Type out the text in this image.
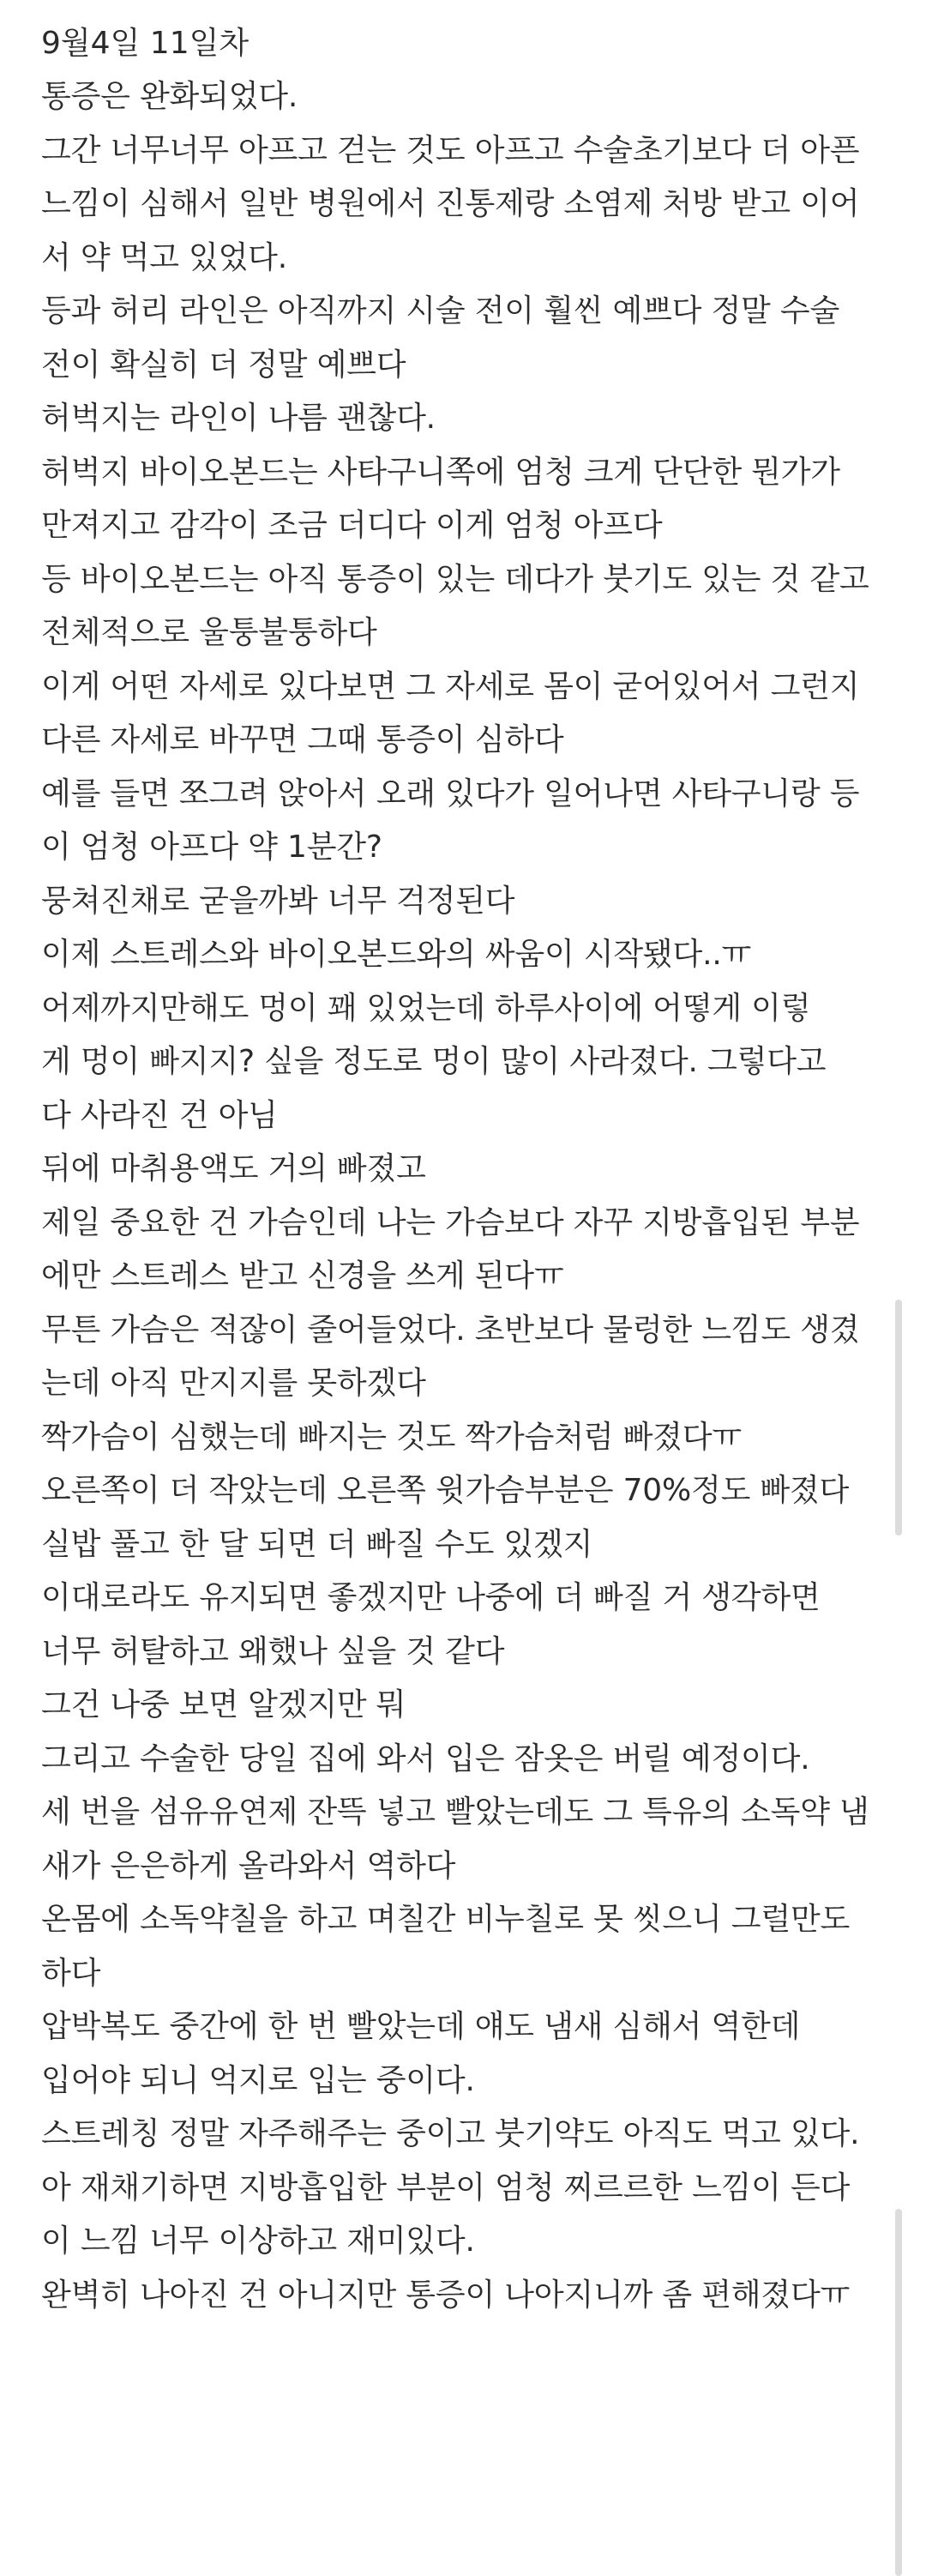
9월4일 11일차

통증은 완화되었다.

그간 너무너무 아프고 걷는 것도 아프고 수술초기보다 더 아픈

느낌이 심해서 일반 병원에서 진통제랑 소염제 처방 받고 이어

서 약 먹고 있었다.

등과 허리 라인은 아직까지 시술 전이 훨씬 예쁘다 정말 수술

전이 확실히 더 정말 예쁘다

허벅지는 라인이 나름 괜찮다.

허벅지 바이오본드는 사타구니쪽에 엄청 크게 단단한 뭔가가

만져지고 감각이 조금 더디다 이게 엄청 아프다

등 바이오본드는 아직 통증이 있는 데다가 붓기도 있는 것 같고

전체적으로 울퉁불퉁하다

이게 어떤 자세로 있다보면 그 자세로 몸이 굳어있어서 그런지

다른 자세로 바꾸면 그때 통증이 심하다

예를 들면 쪼그려 앉아서 오래 있다가 일어나면 사타구니랑 등

이 엄청 아프다 약 1분간?

뭉쳐진채로 굳을까봐 너무 걱정된다

이제 스트레스와 바이오본드와의 싸움이 시작됐다..ㅠ

어제까지만해도 멍이 꽤 있었는데 하루사이에 어떻게 이렇

게 멍이 빠지지? 싶을 정도로 멍이 많이 사라졌다. 그렇다고

다 사라진 건 아님

뒤에 마취용액도 거의 빠졌고

제일 중요한 건 가슴인데 나는 가슴보다 자꾸 지방흡입된 부분

에만 스트레스 받고 신경을 쓰게 된다ㅠ

무튼 가슴은 적잖이 줄어들었다. 초반보다 물렁한 느낌도 생겼

는데 아직 만지지를 못하겠다

짝가슴이 심했는데 빠지는 것도 짝가슴처럼 빠졌다ㅠ

오른쪽이 더 작았는데 오른쪽 윗가슴부분은 70%정도 빠졌다

실밥 풀고 한 달 되면 더 빠질 수도 있겠지

이대로라도 유지되면 좋겠지만 나중에 더 빠질 거 생각하면

너무 허탈하고 왜했나 싶을 것 같다

그건 나중 보면 알겠지만 뭐

그리고 수술한 당일 집에 와서 입은 잠옷은 버릴 예정이다.

세 번을 섬유유연제 잔뜩 넣고 빨았는데도 그 특유의 소독약 냄

새가 은은하게 올라와서 역하다

온몸에 소독약칠을 하고 며칠간 비누칠로 못 씻으니 그럴만도

하다

압박복도 중간에 한 번 빨았는데 얘도 냄새 심해서 역한데

입어야 되니 억지로 입는 중이다.

스트레칭 정말 자주해주는 중이고 붓기약도 아직도 먹고 있다.

아 재채기하면 지방흡입한 부분이 엄청 찌르르한 느낌이 든다

이 느낌 너무 이상하고 재미있다.

완벽히 나아진 건 아니지만 통증이 나아지니까 좀 편해졌다ㅠ
